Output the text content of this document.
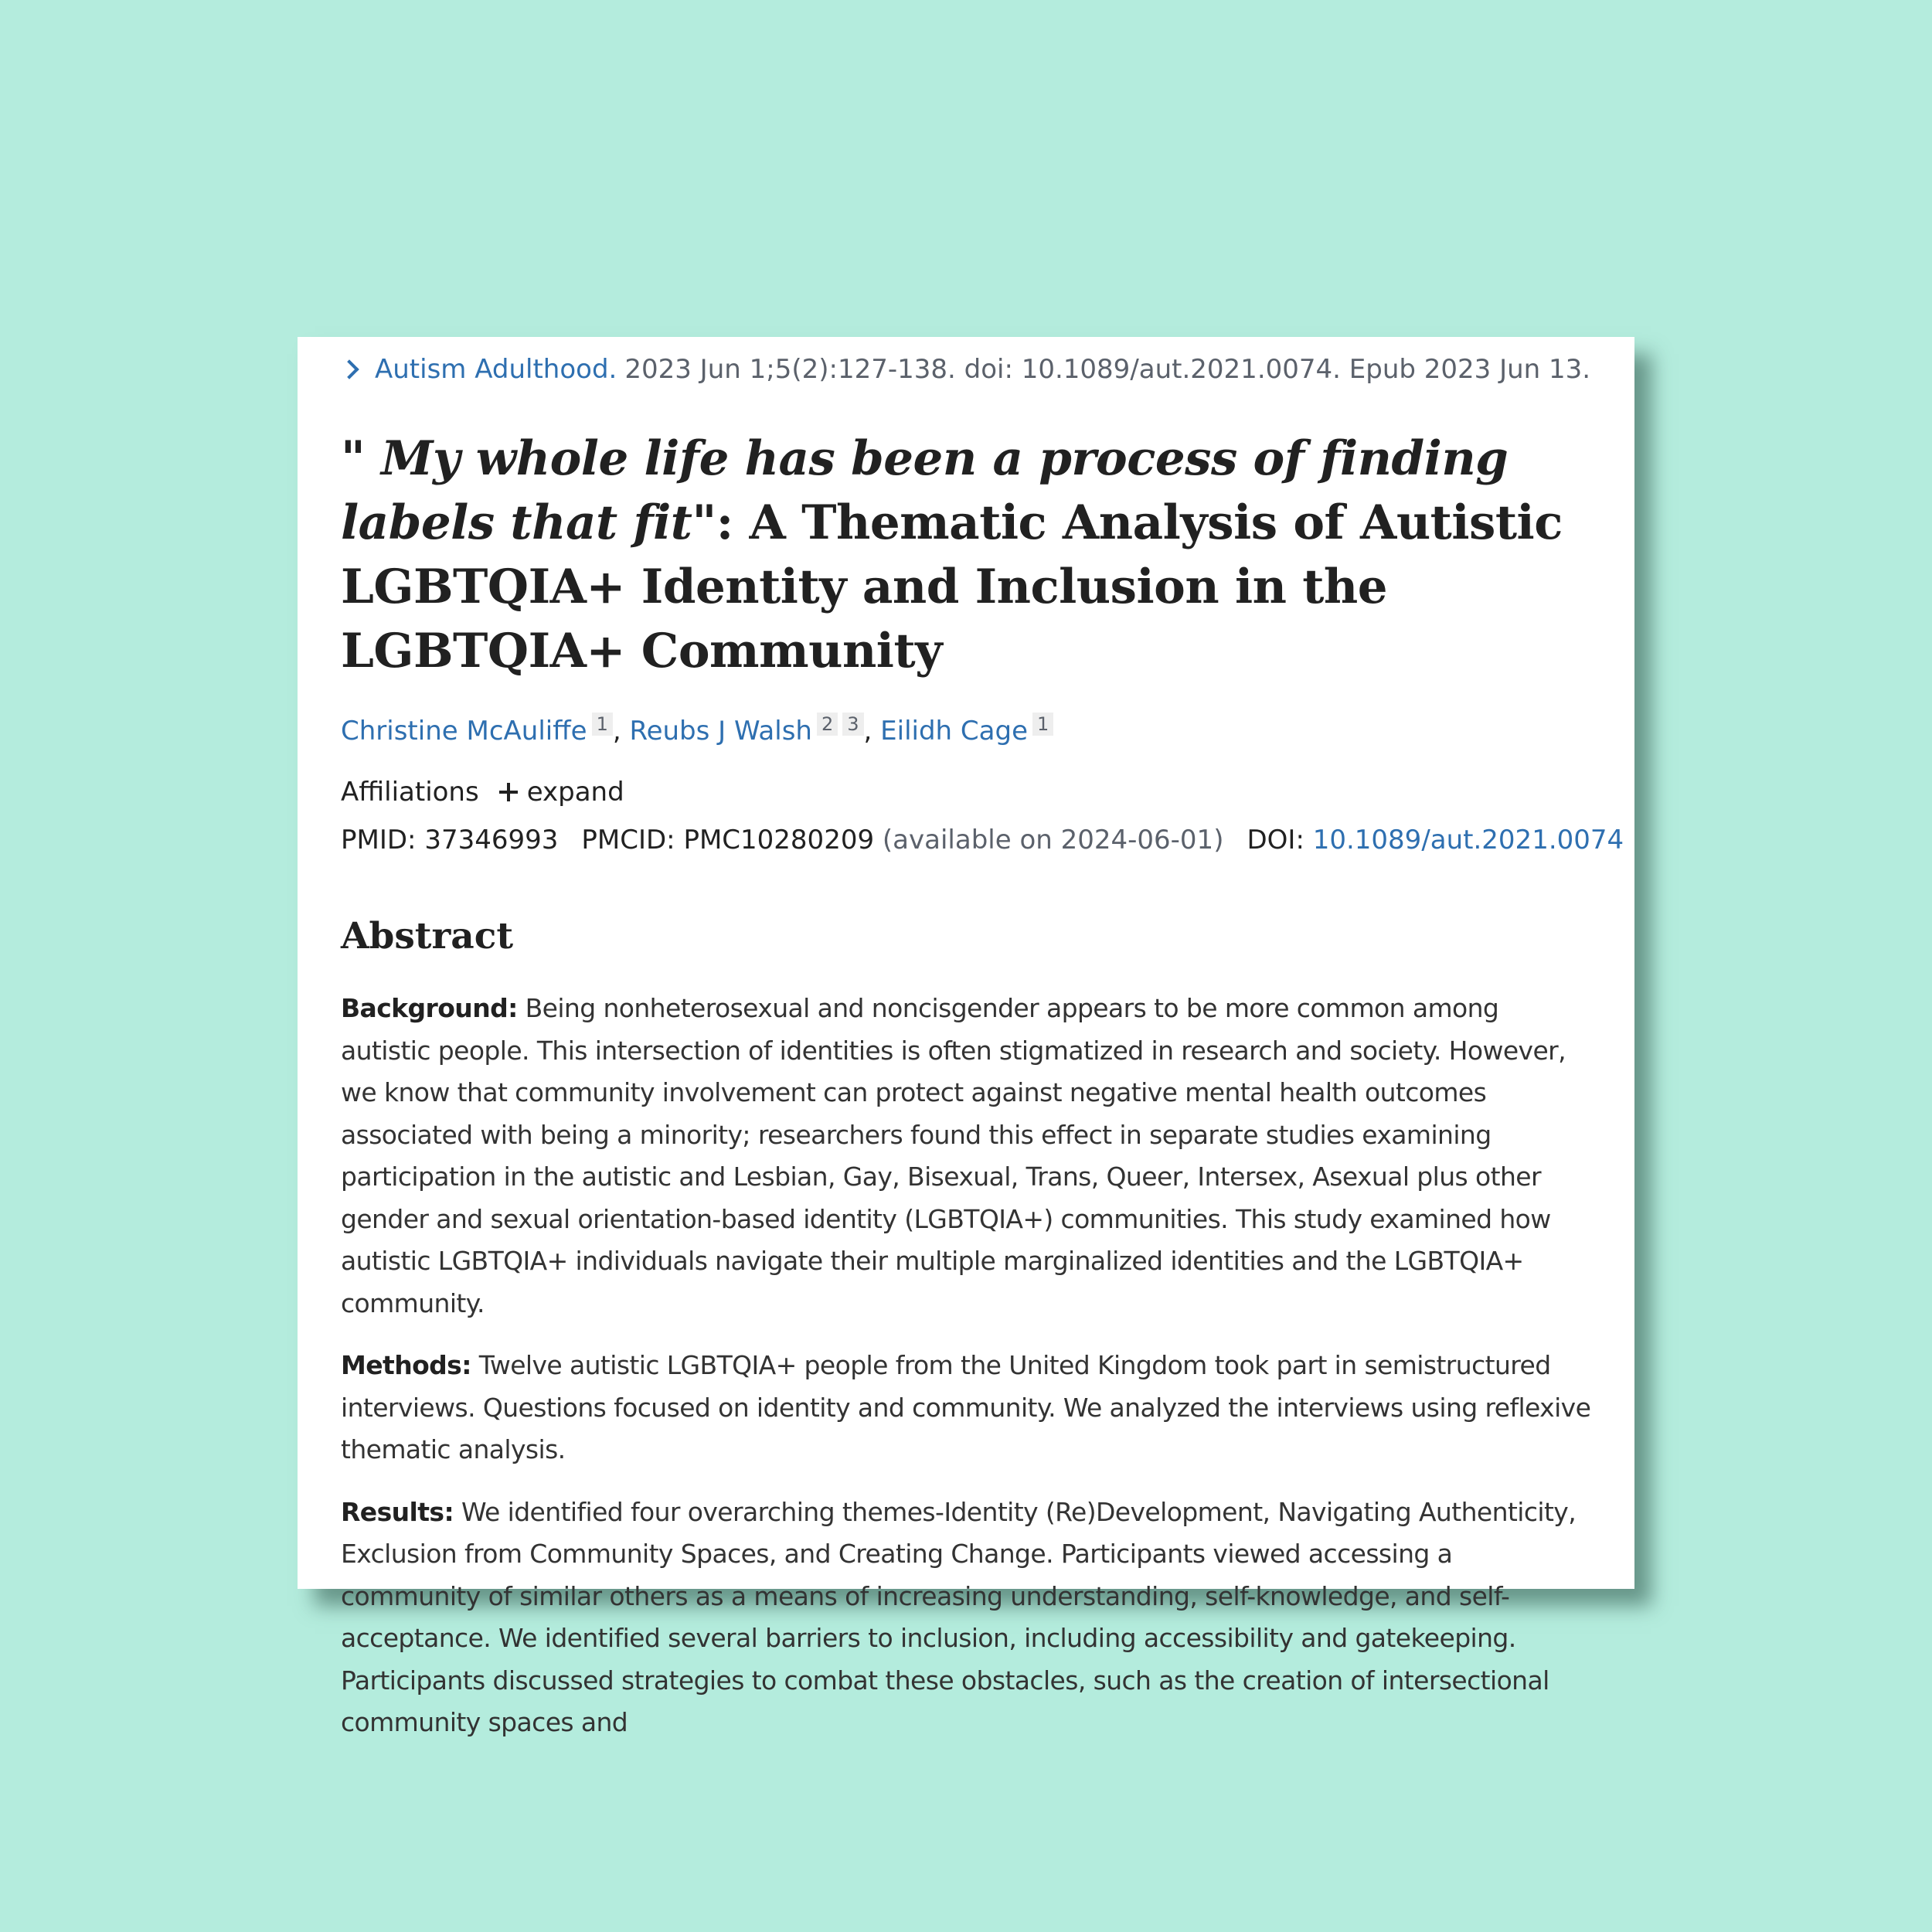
Autism Adulthood. 2023 Jun 1;5(2):127-138. doi: 10.1089/aut.2021.0074. Epub 2023 Jun 13.
" My whole life has been a process of finding labels that fit": A Thematic Analysis of Autistic LGBTQIA+ Identity and Inclusion in the LGBTQIA+ Community
Christine McAuliffe 1 , Reubs J Walsh 2 3 , Eilidh Cage 1
Affiliations expand
PMID: 37346993 PMCID: PMC10280209 (available on 2024-06-01) DOI: 10.1089/aut.2021.0074
Abstract

Background: Being nonheterosexual and noncisgender appears to be more common among autistic people. This intersection of identities is often stigmatized in research and society. However, we know that community involvement can protect against negative mental health outcomes associated with being a minority; researchers found this effect in separate studies examining participation in the autistic and Lesbian, Gay, Bisexual, Trans, Queer, Intersex, Asexual plus other gender and sexual orientation-based identity (LGBTQIA+) communities. This study examined how autistic LGBTQIA+ individuals navigate their multiple marginalized identities and the LGBTQIA+ community.

Methods: Twelve autistic LGBTQIA+ people from the United Kingdom took part in semistructured interviews. Questions focused on identity and community. We analyzed the interviews using reflexive thematic analysis.

Results: We identified four overarching themes-Identity (Re)Development, Navigating Authenticity, Exclusion from Community Spaces, and Creating Change. Participants viewed accessing a community of similar others as a means of increasing understanding, self-knowledge, and self-acceptance. We identified several barriers to inclusion, including accessibility and gatekeeping. Participants discussed strategies to combat these obstacles, such as the creation of intersectional community spaces and
